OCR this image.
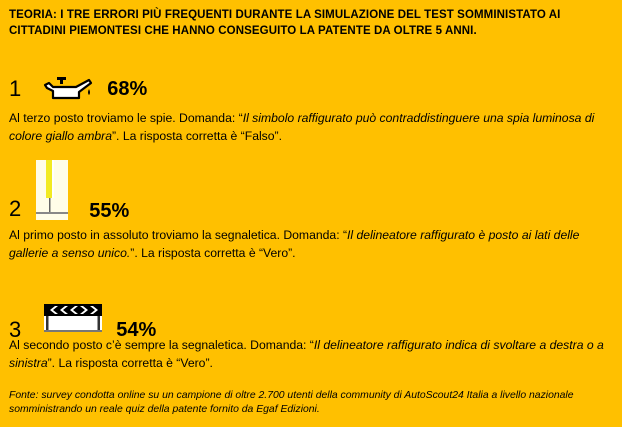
TEORIA: I TRE ERRORI PIÙ FREQUENTI DURANTE LA SIMULAZIONE DEL TEST SOMMINISTATO AI CITTADINI PIEMONTESI CHE HANNO CONSEGUITO LA PATENTE DA OLTRE 5 ANNI.
1	68%
Al terzo posto troviamo le spie. Domanda: “Il simbolo raffigurato può contraddistinguere una spia luminosa di colore giallo ambra”. La risposta corretta è “Falso”.
2	55%
Al primo posto in assoluto troviamo la segnaletica. Domanda: “Il delineatore raffigurato è posto ai lati delle gallerie a senso unico.”. La risposta corretta è “Vero”.
3	54%
Al secondo posto c’è sempre la segnaletica. Domanda: “Il delineatore raffigurato indica di svoltare a destra o a sinistra”. La risposta corretta è “Vero”.
Fonte: survey condotta online su un campione di oltre 2.700 utenti della community di AutoScout24 Italia a livello nazionale somministrando un reale quiz della patente fornito da Egaf Edizioni.
